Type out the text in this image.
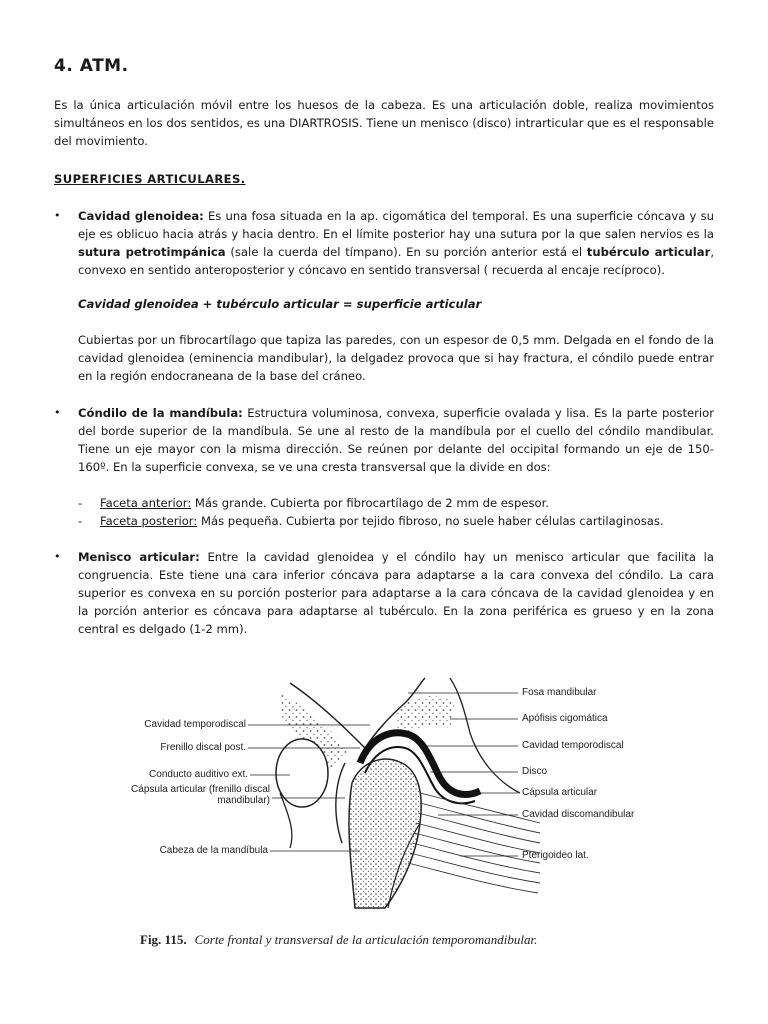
4. ATM.

Es la única articulación móvil entre los huesos de la cabeza. Es una articulación doble, realiza movimientos simultáneos en los dos sentidos, es una DIARTROSIS. Tiene un menisco (disco) intrarticular que es el responsable del movimiento.

SUPERFICIES ARTICULARES.
•	Cavidad glenoidea: Es una fosa situada en la ap. cigomática del temporal. Es una superficie cóncava y su eje es oblicuo hacia atrás y hacia dentro. En el límite posterior hay una sutura por la que salen nervios es la sutura petrotimpánica (sale la cuerda del tímpano). En su porción anterior está el tubérculo articular, convexo en sentido anteroposterior y cóncavo en sentido transversal ( recuerda al encaje recíproco).

Cavidad glenoidea + tubérculo articular = superficie articular

Cubiertas por un fibrocartílago que tapiza las paredes, con un espesor de 0,5 mm. Delgada en el fondo de la cavidad glenoidea (eminencia mandibular), la delgadez provoca que si hay fractura, el cóndilo puede entrar en la región endocraneana de la base del cráneo.

•	Cóndilo de la mandíbula: Estructura voluminosa, convexa, superficie ovalada y lisa. Es la parte posterior del borde superior de la mandíbula. Se une al resto de la mandíbula por el cuello del cóndilo mandibular. Tiene un eje mayor con la misma dirección. Se reúnen por delante del occipital formando un eje de 150-160º. En la superficie convexa, se ve una cresta transversal que la divide en dos:

- Faceta anterior: Más grande. Cubierta por fibrocartílago de 2 mm de espesor.
- Faceta posterior: Más pequeña. Cubierta por tejido fibroso, no suele haber células cartilaginosas.
•	Menisco articular: Entre la cavidad glenoidea y el cóndilo hay un menisco articular que facilita la congruencia. Este tiene una cara inferior cóncava para adaptarse a la cara convexa del cóndilo. La cara superior es convexa en su porción posterior para adaptarse a la cara cóncava de la cavidad glenoidea y en la porción anterior es cóncava para adaptarse al tubérculo. En la zona periférica es grueso y en la zona central es delgado (1-2 mm).

Cavidad temporodiscal
Frenillo discal post.
Conducto auditivo ext.
Cápsula articular (frenillo discal mandibular)
Cabeza de la mandíbula
Fosa mandibular
Apófisis cigomática
Cavidad temporodiscal
Disco
Cápsula articular
Cavidad discomandibular
Pterigoideo lat.
Fig. 115. Corte frontal y transversal de la articulación temporomandibular.
